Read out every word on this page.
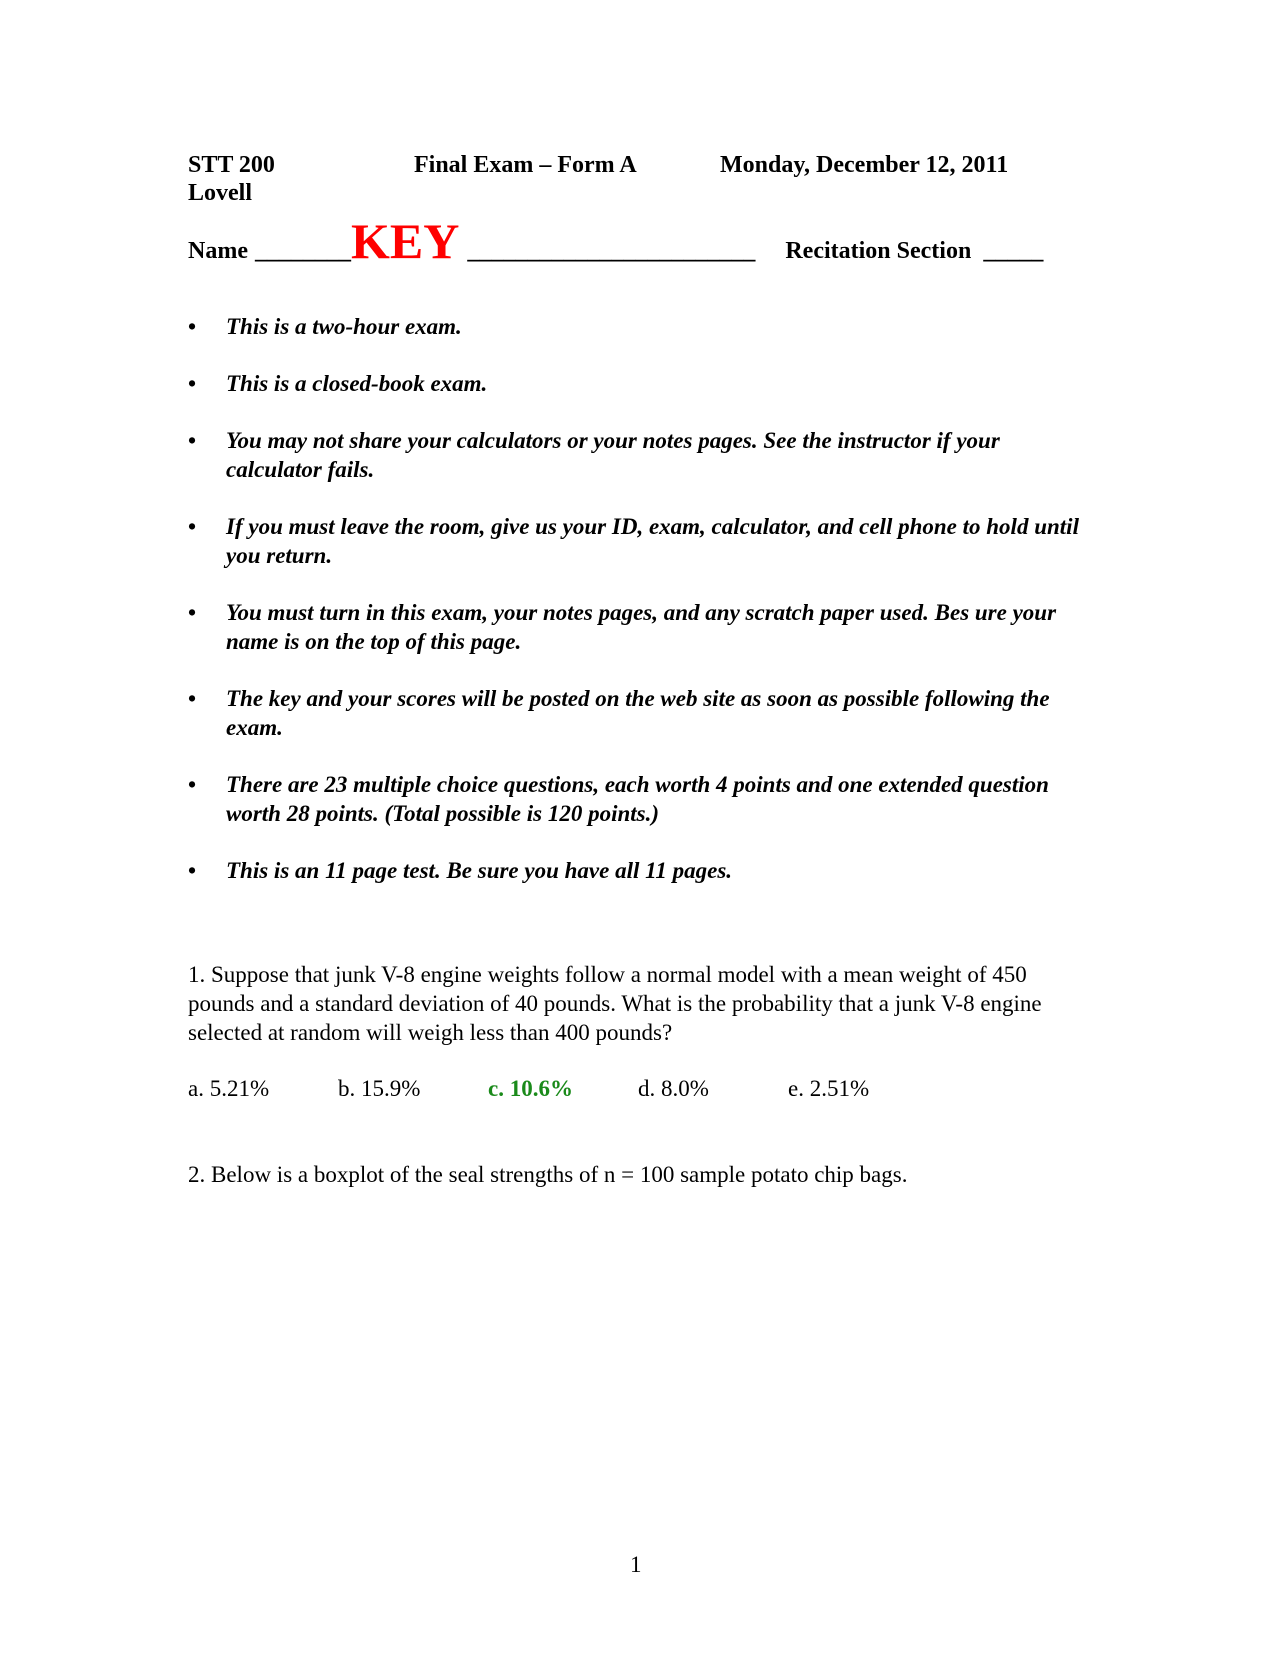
STT 200	Final Exam – Form A	Monday, December 12, 2011
Lovell
Name ________ KEY ________________________ Recitation Section _____
• This is a two-hour exam.
• This is a closed-book exam.
• You may not share your calculators or your notes pages. See the instructor if your calculator fails.
• If you must leave the room, give us your ID, exam, calculator, and cell phone to hold until you return.
• You must turn in this exam, your notes pages, and any scratch paper used. Bes ure your name is on the top of this page.
• The key and your scores will be posted on the web site as soon as possible following the exam.
• There are 23 multiple choice questions, each worth 4 points and one extended question worth 28 points. (Total possible is 120 points.)
• This is an 11 page test. Be sure you have all 11 pages.
1. Suppose that junk V-8 engine weights follow a normal model with a mean weight of 450 pounds and a standard deviation of 40 pounds. What is the probability that a junk V-8 engine selected at random will weigh less than 400 pounds?
a. 5.21%	b. 15.9%	c. 10.6%	d. 8.0%	e. 2.51%
2. Below is a boxplot of the seal strengths of n = 100 sample potato chip bags.
1
